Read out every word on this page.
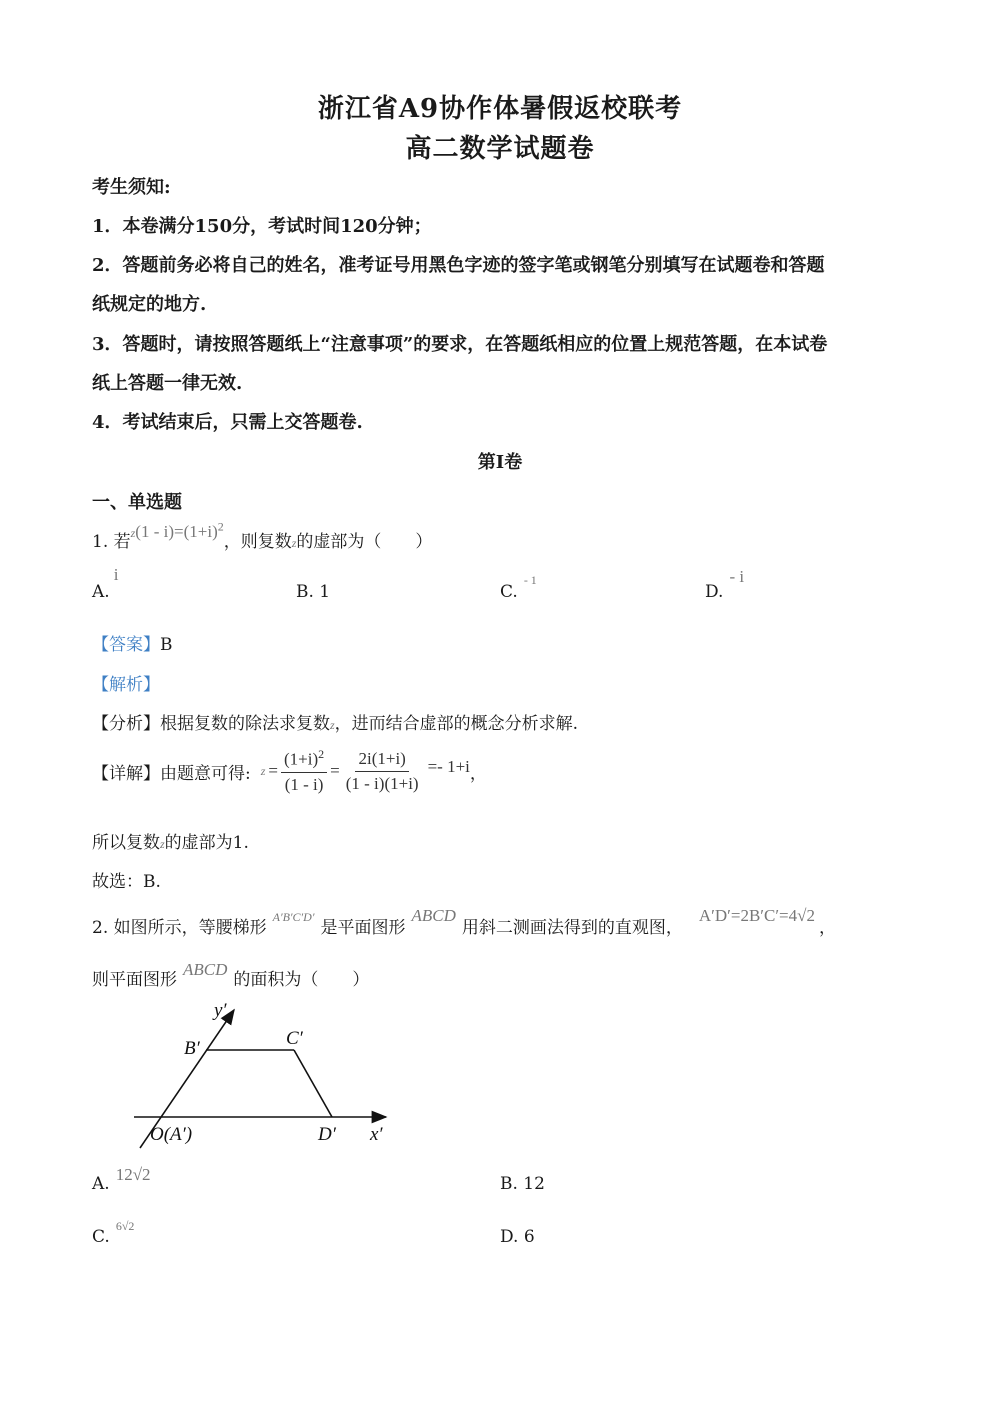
浙江省A9协作体暑假返校联考
高二数学试题卷
考生须知:
1．本卷满分150分，考试时间120分钟；
2．答题前务必将自己的姓名，准考证号用黑色字迹的签字笔或钢笔分别填写在试题卷和答题
纸规定的地方.
3．答题时，请按照答题纸上“注意事项”的要求，在答题纸相应的位置上规范答题，在本试卷
纸上答题一律无效.
4．考试结束后，只需上交答题卷.
第Ⅰ卷
一、单选题
1. 若$z(1 - i)=(1+i)^2$，则复数z的虚部为（　　）
A.i
B. 1	C.$^{- 1}$
D.- i
【答案】B
【解析】
【分析】根据复数的除法求复数z，进而结合虚部的概念分析求解.
【详解】 由题意可得: $z = \frac{(1+i)^2}{(1 - i)} = \frac{2i(1+i)}{(1 - i)(1+i)} =- 1+i$ ，
所以复数z的虚部为1.
故选：B.
2. 如图所示，等腰梯形$^{A'B'C'D'}$是平面图形ABCD用斜二测画法得到的直观图，A′D′=2B′C′=4√2，
则平面图形ABCD的面积为（　　）
y′
B′	C′
O(A′)	D′ x′
A. 12√2	B. 12
C.$^{6√2}$
D. 6
